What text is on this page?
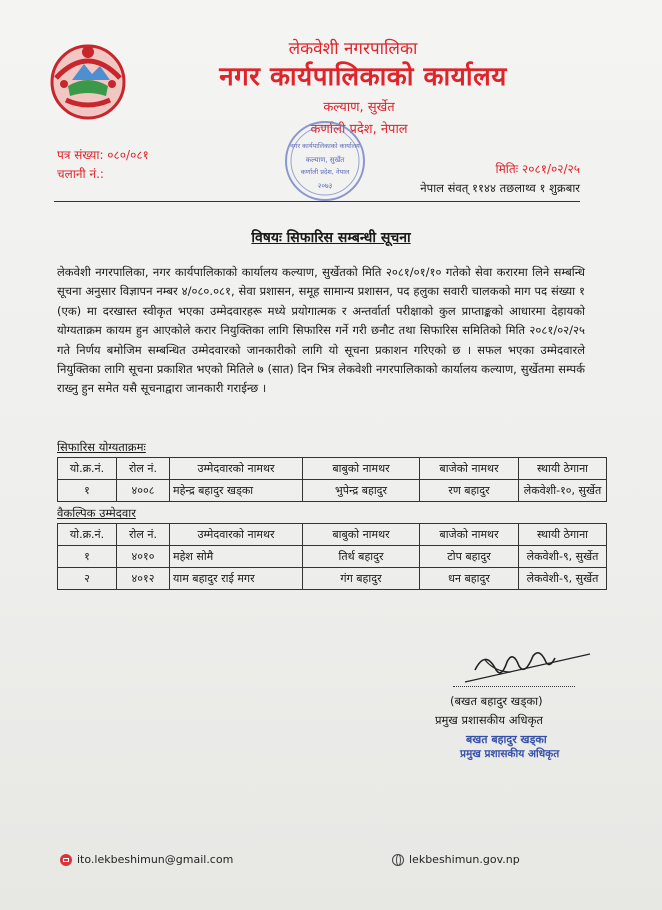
लेकवेशी नगरपालिका
नगर कार्यपालिकाको कार्यालय
कल्याण, सुर्खेत
कर्णाली प्रदेश, नेपाल
पत्र संख्या: ०८०/०८१
चलानी नं.:	मितिः २०८१/०२/२५
नगर कार्यपालिकाको कार्यालय
कल्याण, सुर्खेत
कर्णाली प्रदेश, नेपाल
२०७३	नेपाल संवत् ११४४ तछलाथ्व १ शुक्रबार
विषयः सिफारिस सम्बन्धी सूचना
लेकवेशी नगरपालिका, नगर कार्यपालिकाको कार्यालय कल्याण, सुर्खेतको मिति २०८१/०१/१० गतेको सेवा करारमा लिने सम्बन्धि सूचना अनुसार विज्ञापन नम्बर ४/०८०.०८१, सेवा प्रशासन, समूह सामान्य प्रशासन, पद हलुका सवारी चालकको माग पद संख्या १ (एक) मा दरखास्त स्वीकृत भएका उम्मेदवारहरू मध्ये प्रयोगात्मक र अन्तर्वार्ता परीक्षाको कुल प्राप्ताङ्कको आधारमा देहायको योग्यताक्रम कायम हुन आएकोले करार नियुक्तिका लागि सिफारिस गर्ने गरी छनौट तथा सिफारिस समितिको मिति २०८१/०२/२५ गते निर्णय बमोजिम सम्बन्धित उम्मेदवारको जानकारीको लागि यो सूचना प्रकाशन गरिएको छ । सफल भएका उम्मेदवारले नियुक्तिका लागि सूचना प्रकाशित भएको मितिले ७ (सात) दिन भित्र लेकवेशी नगरपालिकाको कार्यालय कल्याण, सुर्खेतमा सम्पर्क राख्नु हुन समेत यसै सूचनाद्वारा जानकारी गराईन्छ ।
सिफारिस योग्यताक्रमः
यो.क्र.नं.	रोल नं.	उम्मेदवारको नामथर	बाबुको नामथर	बाजेको नामथर	स्थायी ठेगाना
१	४००८	महेन्द्र बहादुर खड्का	भुपेन्द्र बहादुर	रण बहादुर	लेकवेशी-१०, सुर्खेत
वैकल्पिक उम्मेदवार
यो.क्र.नं.	रोल नं.	उम्मेदवारको नामथर	बाबुको नामथर	बाजेको नामथर	स्थायी ठेगाना
१	४०१०	महेश सोमै	तिर्थ बहादुर	टोप बहादुर	लेकवेशी-९, सुर्खेत
२	४०१२	याम बहादुर राई मगर	गंग बहादुर	धन बहादुर	लेकवेशी-९, सुर्खेत
(बखत बहादुर खड्का)
प्रमुख प्रशासकीय अधिकृत
बखत बहादुर खड्का
प्रमुख प्रशासकीय अधिकृत
ito.lekbeshimun@gmail.com	lekbeshimun.gov.np
